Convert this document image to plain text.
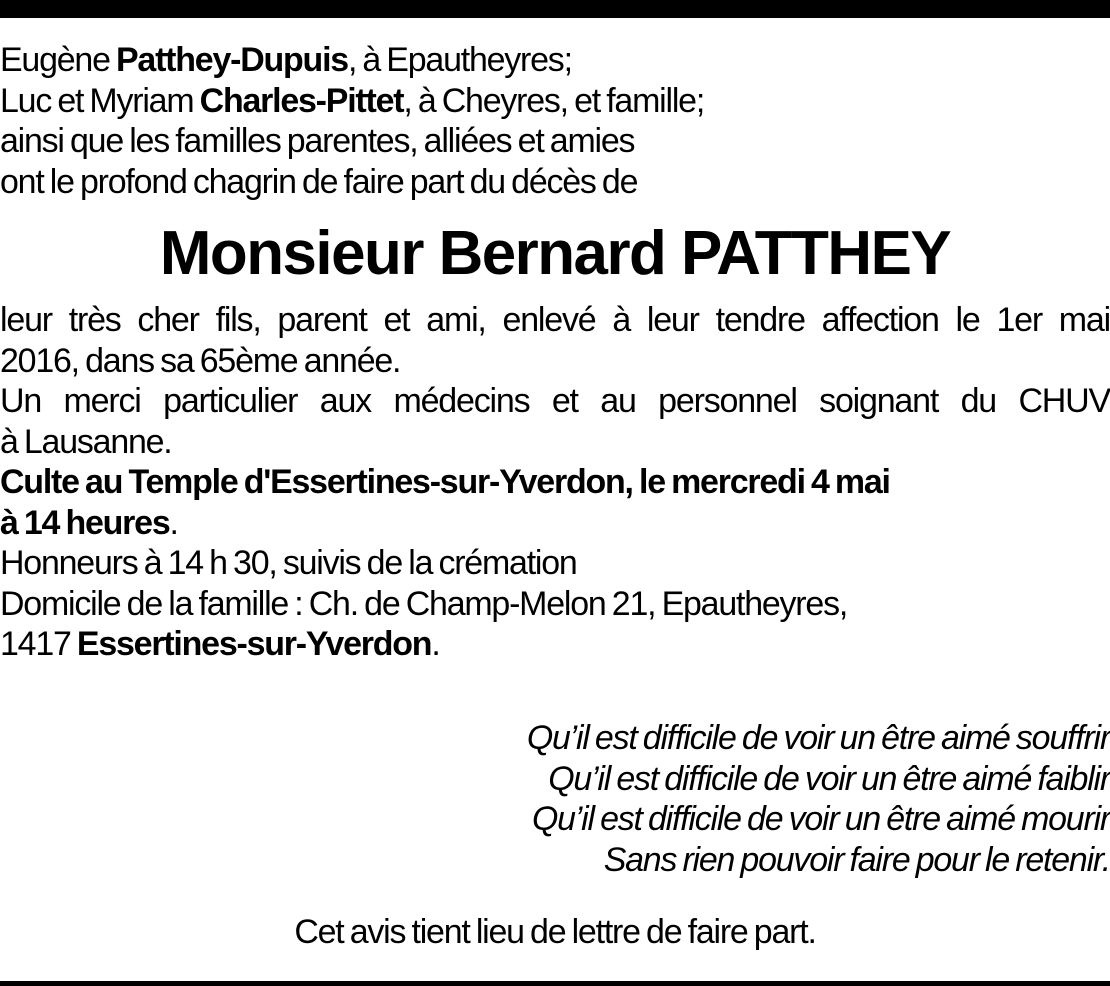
Eugène Patthey-Dupuis, à Epautheyres;
Luc et Myriam Charles-Pittet, à Cheyres, et famille;
ainsi que les familles parentes, alliées et amies
ont le profond chagrin de faire part du décès de
Monsieur Bernard PATTHEY
leur très cher fils, parent et ami, enlevé à leur tendre affection le 1er mai
2016, dans sa 65ème année.
Un merci particulier aux médecins et au personnel soignant du CHUV
à Lausanne.
Culte au Temple d'Essertines-sur-Yverdon, le mercredi 4 mai
à 14 heures.
Honneurs à 14 h 30, suivis de la crémation
Domicile de la famille : Ch. de Champ-Melon 21, Epautheyres,
1417 Essertines-sur-Yverdon.
Qu’il est difficile de voir un être aimé souffrir
Qu’il est difficile de voir un être aimé faiblir
Qu’il est difficile de voir un être aimé mourir
Sans rien pouvoir faire pour le retenir.
Cet avis tient lieu de lettre de faire part.
